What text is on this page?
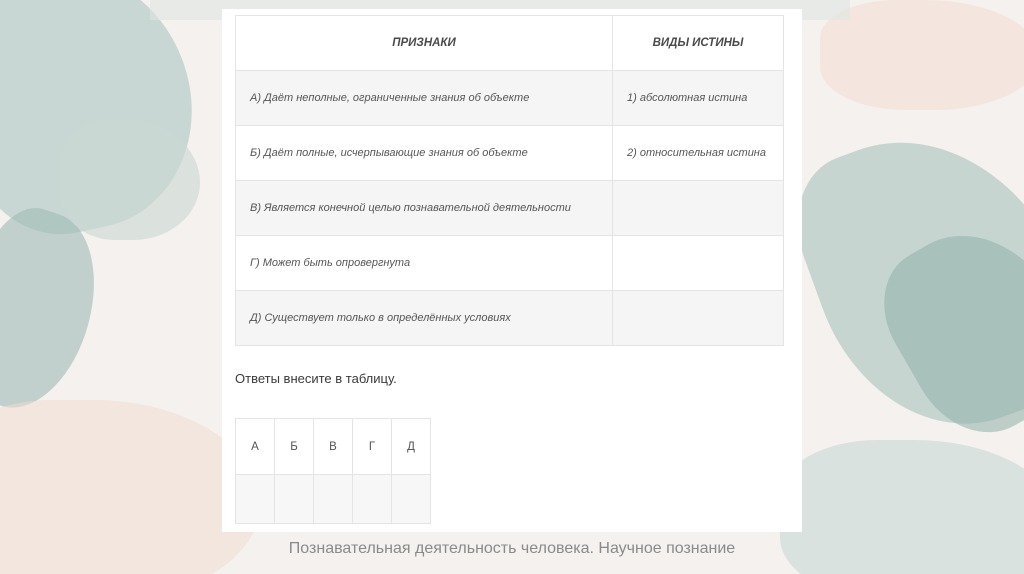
ПРИЗНАКИ	ВИДЫ ИСТИНЫ
А) Даёт неполные, ограниченные знания об объекте	1) абсолютная истина
Б) Даёт полные, исчерпывающие знания об объекте	2) относительная истина
В) Является конечной целью познавательной деятельности	
Г) Может быть опровергнута	
Д) Существует только в определённых условиях	
Ответы внесите в таблицу.
А	Б	В	Г	Д

Познавательная деятельность человека. Научное познание
